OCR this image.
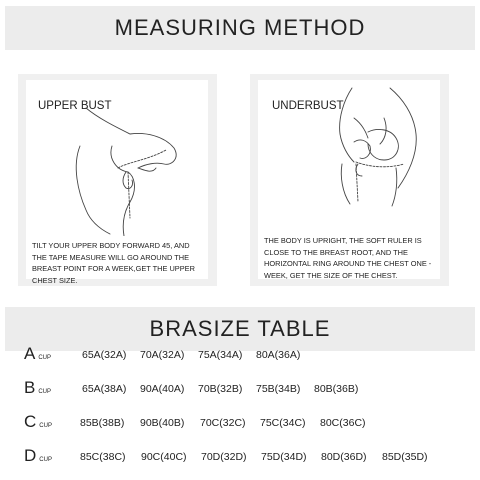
MEASURING METHOD
UPPER BUST
TILT YOUR UPPER BODY FORWARD 45, AND THE TAPE MEASURE WILL GO AROUND THE BREAST POINT FOR A WEEK,GET THE UPPER CHEST SIZE.
UNDERBUST
THE BODY IS UPRIGHT, THE SOFT RULER IS CLOSE TO THE BREAST ROOT, AND THE HORIZONTAL RING AROUND THE CHEST ONE - WEEK, GET THE SIZE OF THE CHEST.
BRASIZE TABLE
ACUP	65A(32A) 70A(32A) 75A(34A) 80A(36A)
BCUP	65A(38A) 90A(40A) 70B(32B) 75B(34B) 80B(36B)
CCUP	85B(38B) 90B(40B) 70C(32C) 75C(34C) 80C(36C)
DCUP	85C(38C) 90C(40C) 70D(32D) 75D(34D) 80D(36D) 85D(35D)
